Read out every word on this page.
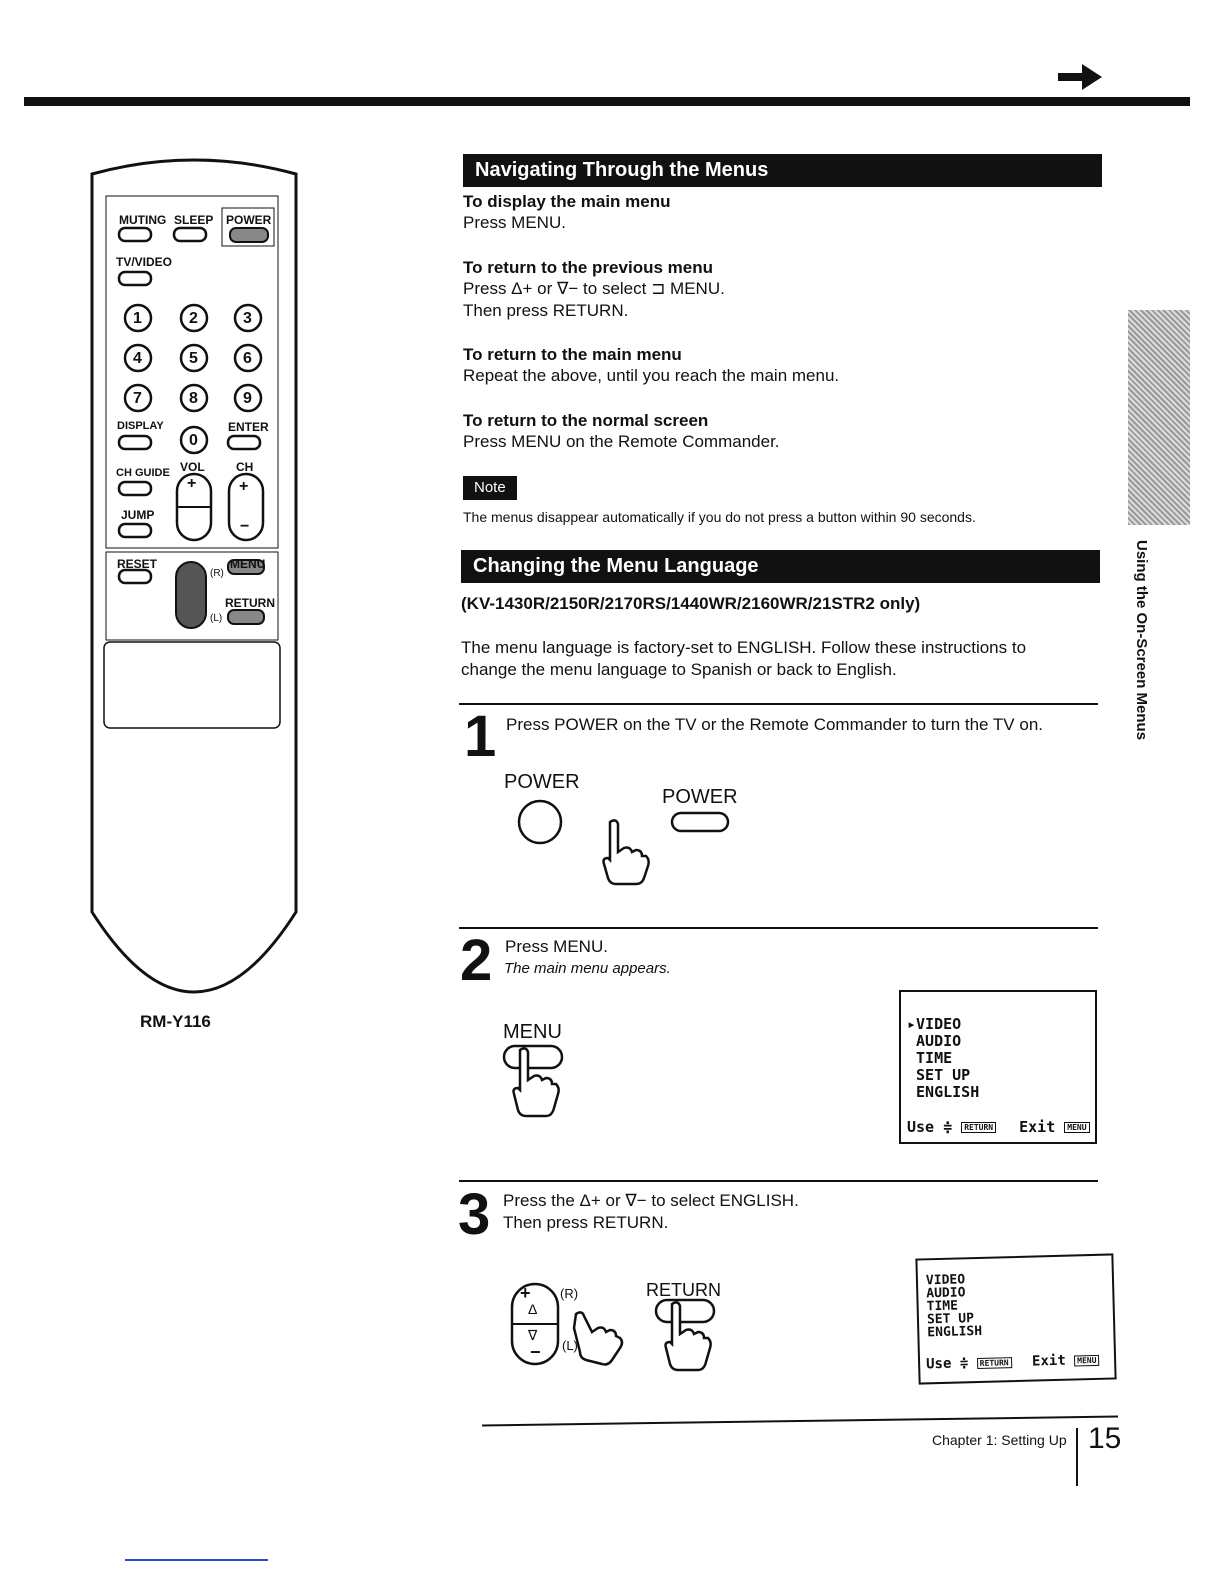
Using the On-Screen Menus
MUTING SLEEP POWER
TV/VIDEO
1	2	3
4	5	6
7	8	9
0
DISPLAY	ENTER
VOL	CH
CH GUIDE
JUMP
+	+
−
RESET	MENU
RETURN
(R)
(L)
RM-Y116
Navigating Through the Menus
To display the main menu
Press MENU.
To return to the previous menu
Press Δ+ or ∇− to select ⊐ MENU.
Then press RETURN.
To return to the main menu
Repeat the above, until you reach the main menu.
To return to the normal screen
Press MENU on the Remote Commander.
Note
The menus disappear automatically if you do not press a button within 90 seconds.
Changing the Menu Language
(KV-1430R/2150R/2170RS/1440WR/2160WR/21STR2 only)
The menu language is factory-set to ENGLISH. Follow these instructions to
change the menu language to Spanish or back to English.
1 Press POWER on the TV or the Remote Commander to turn the TV on.
POWER
POWER
2 Press MENU.
The main menu appears.
MENU	▸VIDEO
AUDIO
TIME
SET UP
ENGLISH
Use ≑ RETURN Exit MENU
3 Press the Δ+ or ∇− to select ENGLISH.
Then press RETURN.
+
Δ
∇
−
(R)
(L)
RETURN	VIDEO
AUDIO
TIME
SET UP
ENGLISH
Use ≑ RETURN Exit MENU
Chapter 1: Setting Up 15
